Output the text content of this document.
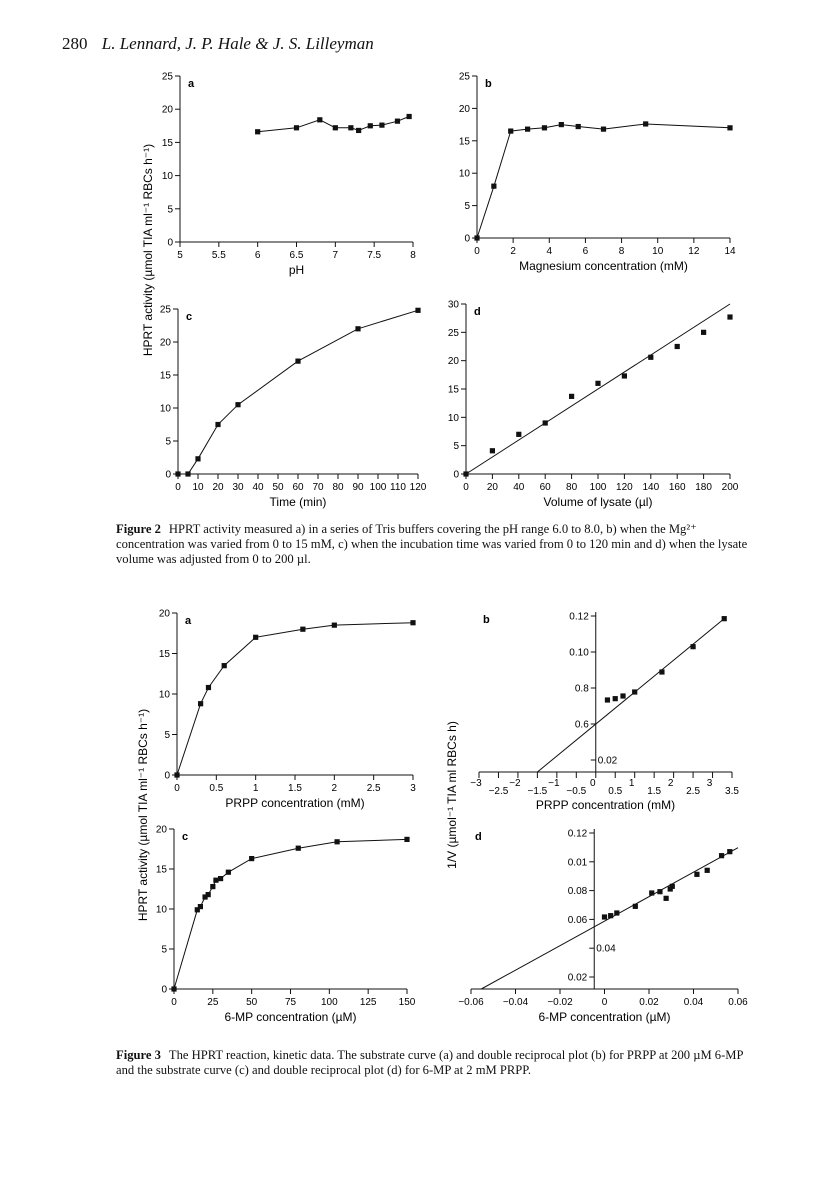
280 L. Lennard, J. P. Hale & J. S. Lilleyman
a
0
5
10
15
20
25
5	5.5	6	6.5	7	7.5	8
pH
b
0
5
10
15
20
25
0	2	4	6	8	10	12	14
Magnesium concentration (mM)
c
0
5
10
15
20
25
0 10 20 30 40 50 60 70 80 90 100 110 120
Time (min)
d
0
5
10
15
20
25
30
0 20 40 60 80 100 120 140 160 180 200
Volume of lysate (µl)
a
0
5
10
15
20
0	0.5	1	1.5	2	2.5	3
PRPP concentration (mM)
b	0.12
0.10
0.8
0.6
0.02
−3	−2	−1	0	1	2	3
−2.5 −1.5 −0.5 0.5	1.5	2.5	3.5
PRPP concentration (mM)
c
0
5
10
15
20
0	25	50	75 100 125 150
6-MP concentration (µM)
d	0.12
0.01
0.08
0.06
0.04
0.02
−0.06 −0.04 −0.02	0	0.02	0.04	0.06
6-MP concentration (µM)
HPRT activity (µmol TIA ml⁻¹ RBCs h⁻¹)
HPRT activity (µmol TIA ml⁻¹ RBCs h⁻¹)	1/V (µmol⁻¹ TIA ml RBCs h)
Figure 2 HPRT activity measured a) in a series of Tris buffers covering the pH range 6.0 to 8.0, b) when the Mg²⁺ concentration was varied from 0 to 15 mM, c) when the incubation time was varied from 0 to 120 min and d) when the lysate volume was adjusted from 0 to 200 µl.
Figure 3 The HPRT reaction, kinetic data. The substrate curve (a) and double reciprocal plot (b) for PRPP at 200 µM 6-MP and the substrate curve (c) and double reciprocal plot (d) for 6-MP at 2 mM PRPP.
